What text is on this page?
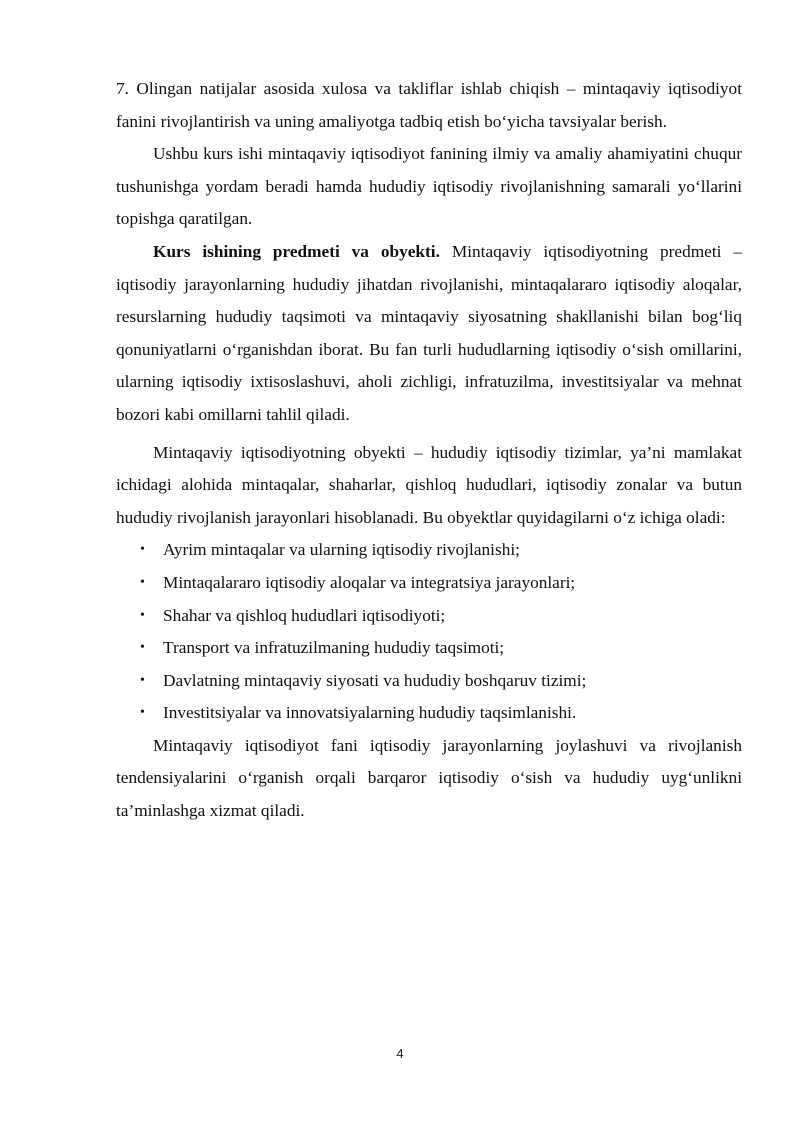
7. Olingan natijalar asosida xulosa va takliflar ishlab chiqish – mintaqaviy iqtisodiyot fanini rivojlantirish va uning amaliyotga tadbiq etish bo‘yicha tavsiyalar berish.

Ushbu kurs ishi mintaqaviy iqtisodiyot fanining ilmiy va amaliy ahamiyatini chuqur tushunishga yordam beradi hamda hududiy iqtisodiy rivojlanishning samarali yo‘llarini topishga qaratilgan.

Kurs ishining predmeti va obyekti. Mintaqaviy iqtisodiyotning predmeti – iqtisodiy jarayonlarning hududiy jihatdan rivojlanishi, mintaqalararo iqtisodiy aloqalar, resurslarning hududiy taqsimoti va mintaqaviy siyosatning shakllanishi bilan bog‘liq qonuniyatlarni o‘rganishdan iborat. Bu fan turli hududlarning iqtisodiy o‘sish omillarini, ularning iqtisodiy ixtisoslashuvi, aholi zichligi, infratuzilma, investitsiyalar va mehnat bozori kabi omillarni tahlil qiladi.

Mintaqaviy iqtisodiyotning obyekti – hududiy iqtisodiy tizimlar, ya’ni mamlakat ichidagi alohida mintaqalar, shaharlar, qishloq hududlari, iqtisodiy zonalar va butun hududiy rivojlanish jarayonlari hisoblanadi. Bu obyektlar quyidagilarni o‘z ichiga oladi:

• Ayrim mintaqalar va ularning iqtisodiy rivojlanishi;
• Mintaqalararo iqtisodiy aloqalar va integratsiya jarayonlari;
• Shahar va qishloq hududlari iqtisodiyoti;
• Transport va infratuzilmaning hududiy taqsimoti;
• Davlatning mintaqaviy siyosati va hududiy boshqaruv tizimi;
• Investitsiyalar va innovatsiyalarning hududiy taqsimlanishi.

Mintaqaviy iqtisodiyot fani iqtisodiy jarayonlarning joylashuvi va rivojlanish tendensiyalarini o‘rganish orqali barqaror iqtisodiy o‘sish va hududiy uyg‘unlikni ta’minlashga xizmat qiladi.

4
